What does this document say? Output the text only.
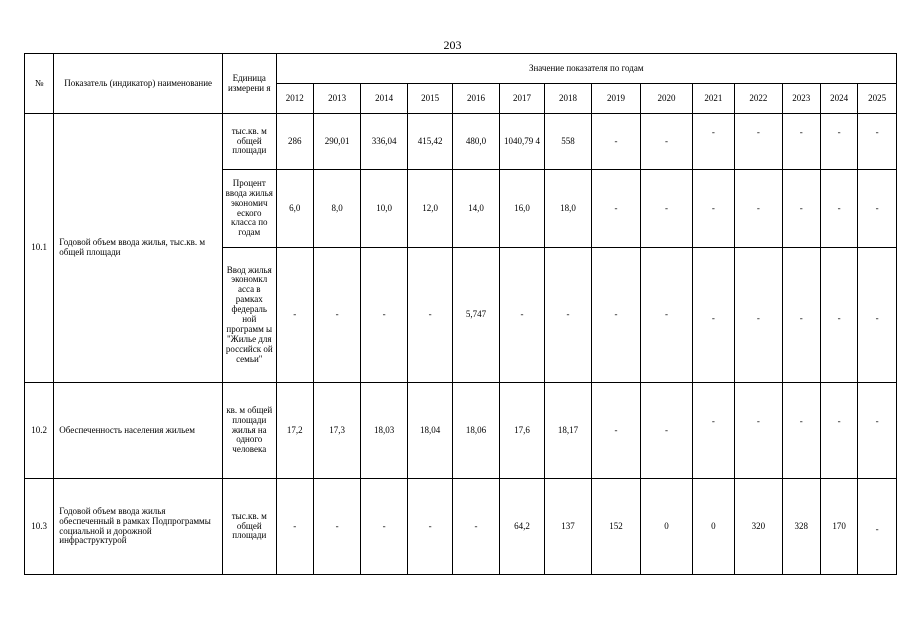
203
№	Показатель (индикатор) наименование	Единица измерени я	Значение показателя по годам													
			2012	2013	2014	2015	2016	2017	2018	2019	2020	2021	2022	2023	2024	2025
10.1	Годовой объем ввода жилья, тыс.кв. м общей площади	тыс.кв. м общей площади	286	290,01	336,04	415,42	480,0	1040,79 4	558	-	-	-	-	-	-	-
		Процент ввода жилья экономич еского класса по годам	6,0	8,0	10,0	12,0	14,0	16,0	18,0	-	-	-	-	-	-	-
		Ввод жилья экономкл асса в рамках федераль ной программ ы "Жилье для российск ой семьи"	-	-	-	-	5,747	-	-	-	-	-	-	-	-	-
10.2	Обеспеченность населения жильем	кв. м общей площади жилья на одного человека	17,2	17,3	18,03	18,04	18,06	17,6	18,17	-	-	-	-	-	-	-
10.3	Годовой объем ввода жилья обеспеченный в рамках Подпрограммы социальной и дорожной инфраструктурой	тыс.кв. м общей площади	-	-	-	-	-	64,2	137	152	0	0	320	328	170	-
